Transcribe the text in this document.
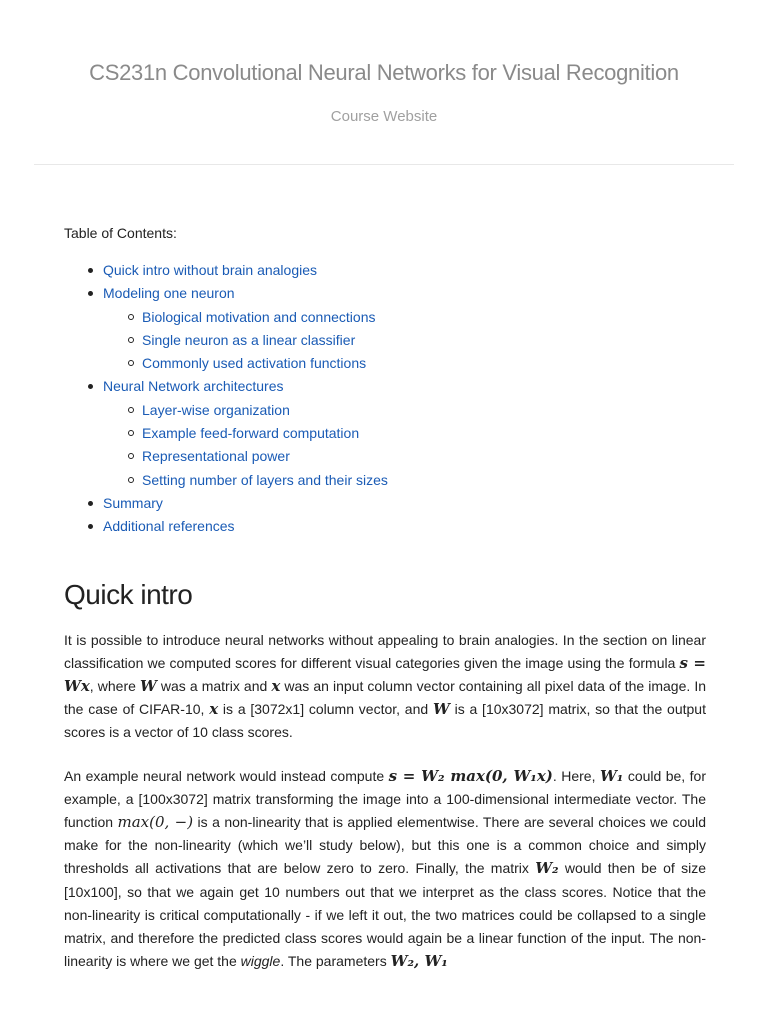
CS231n Convolutional Neural Networks for Visual Recognition
Course Website
Table of Contents:
Quick intro without brain analogies
Modeling one neuron
Biological motivation and connections
Single neuron as a linear classifier
Commonly used activation functions
Neural Network architectures
Layer-wise organization
Example feed-forward computation
Representational power
Setting number of layers and their sizes
Summary
Additional references
Quick intro

It is possible to introduce neural networks without appealing to brain analogies. In the section on linear classification we computed scores for different visual categories given the image using the formula s = Wx, where W was a matrix and x was an input column vector containing all pixel data of the image. In the case of CIFAR-10, x is a [3072x1] column vector, and W is a [10x3072] matrix, so that the output scores is a vector of 10 class scores.

An example neural network would instead compute s = W₂ max(0, W₁x). Here, W₁ could be, for example, a [100x3072] matrix transforming the image into a 100-dimensional intermediate vector. The function max(0, −) is a non-linearity that is applied elementwise. There are several choices we could make for the non-linearity (which we’ll study below), but this one is a common choice and simply thresholds all activations that are below zero to zero. Finally, the matrix W₂ would then be of size [10x100], so that we again get 10 numbers out that we interpret as the class scores. Notice that the non-linearity is critical computationally - if we left it out, the two matrices could be collapsed to a single matrix, and therefore the predicted class scores would again be a linear function of the input. The non-linearity is where we get the wiggle. The parameters W₂, W₁
